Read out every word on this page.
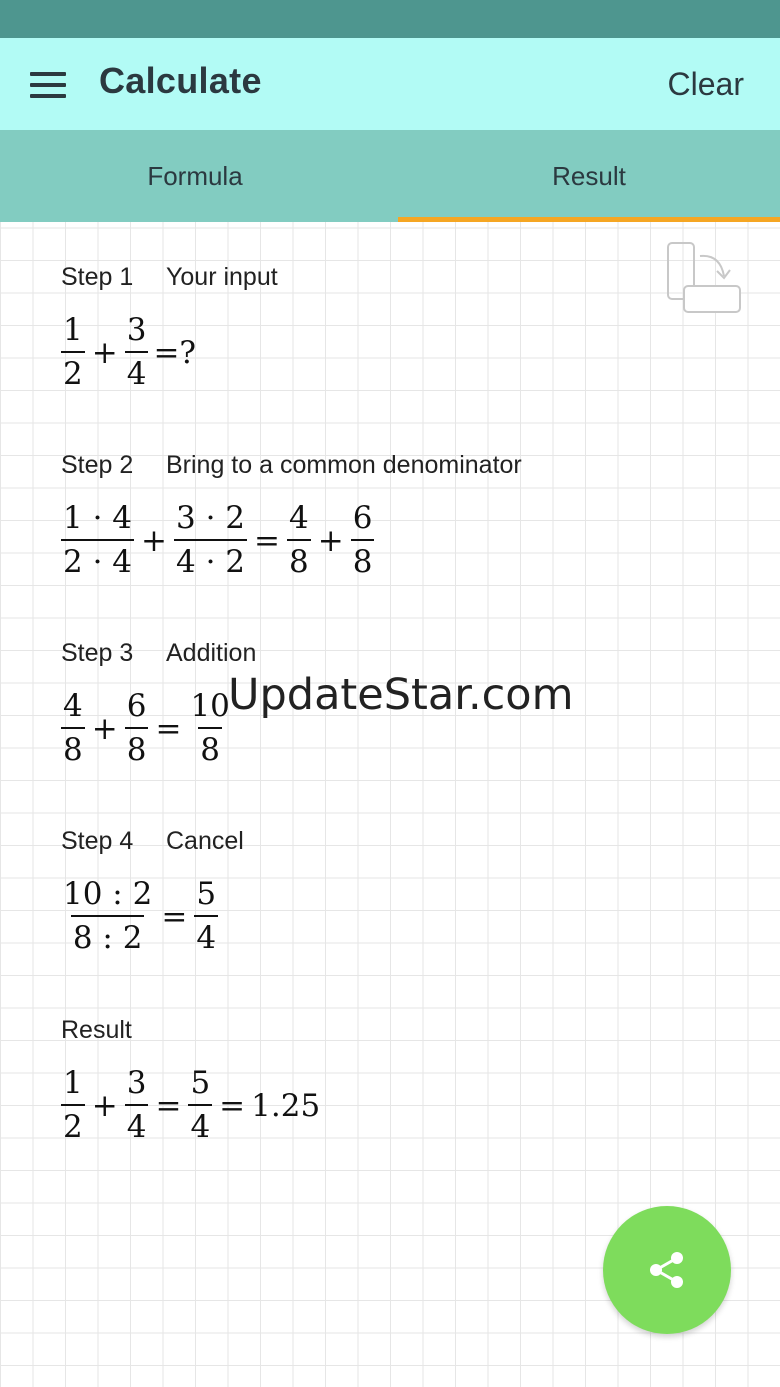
Calculate	Clear
Formula	Result
Step 1 Your input
$\frac{1}{2} + \frac{3}{4}$ =?
Step 2 Bring to a common denominator
$\frac{1 \cdot 4}{2 \cdot 4} + \frac{3 \cdot 2}{4 \cdot 2} = \frac{4}{8} + \frac{6}{8}$
Step 3 Addition
$\frac{4}{8} + \frac{6}{8} = \frac{10}{8}$
Step 4 Cancel
$\frac{10 : 2}{8 : 2} = \frac{5}{4}$
Result
$\frac{1}{2} + \frac{3}{4} = \frac{5}{4} = 1.25$
UpdateStar.com
